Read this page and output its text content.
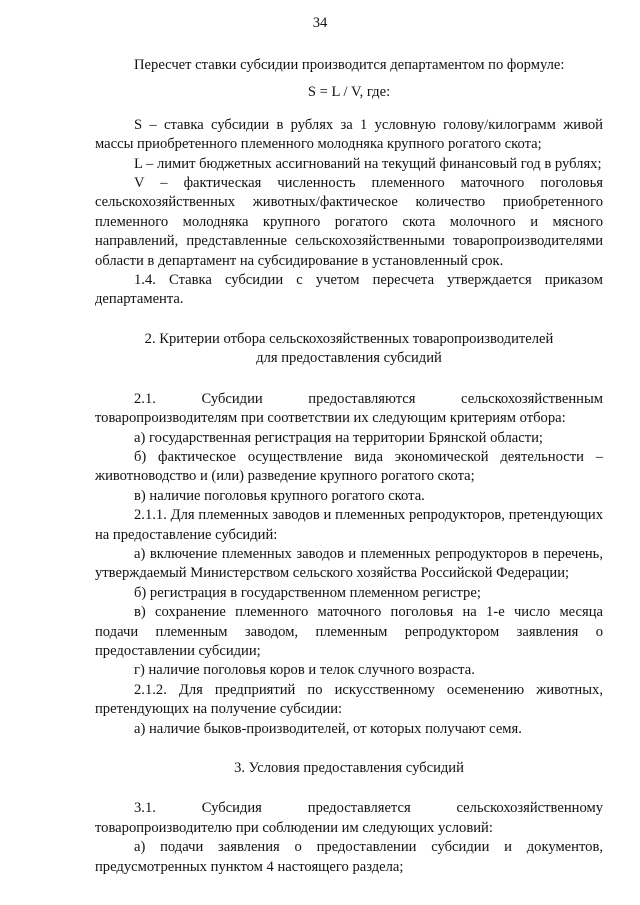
34

Пересчет ставки субсидии производится департаментом по формуле:

S = L / V, где:

S – ставка субсидии в рублях за 1 условную голову/килограмм живой массы приобретенного племенного молодняка крупного рогатого скота;

L – лимит бюджетных ассигнований на текущий финансовый год в рублях;

V – фактическая численность племенного маточного поголовья сельскохозяйственных животных/фактическое количество приобретенного племенного молодняка крупного рогатого скота молочного и мясного направлений, представленные сельскохозяйственными товаропроизводителями области в департамент на субсидирование в установленный срок.

1.4. Ставка субсидии с учетом пересчета утверждается приказом департамента.

2. Критерии отбора сельскохозяйственных товаропроизводителей
для предоставления субсидий

2.1. Субсидии предоставляются сельскохозяйственным товаропроизводителям при соответствии их следующим критериям отбора:

а) государственная регистрация на территории Брянской области;

б) фактическое осуществление вида экономической деятельности – животноводство и (или) разведение крупного рогатого скота;

в) наличие поголовья крупного рогатого скота.

2.1.1. Для племенных заводов и племенных репродукторов, претендующих на предоставление субсидий:

а) включение племенных заводов и племенных репродукторов в перечень, утверждаемый Министерством сельского хозяйства Российской Федерации;

б) регистрация в государственном племенном регистре;

в) сохранение племенного маточного поголовья на 1-е число месяца подачи племенным заводом, племенным репродуктором заявления о предоставлении субсидии;

г) наличие поголовья коров и телок случного возраста.

2.1.2. Для предприятий по искусственному осеменению животных, претендующих на получение субсидии:

а) наличие быков-производителей, от которых получают семя.

3. Условия предоставления субсидий

3.1. Субсидия предоставляется сельскохозяйственному товаропроизводителю при соблюдении им следующих условий:

а) подачи заявления о предоставлении субсидии и документов, предусмотренных пунктом 4 настоящего раздела;
